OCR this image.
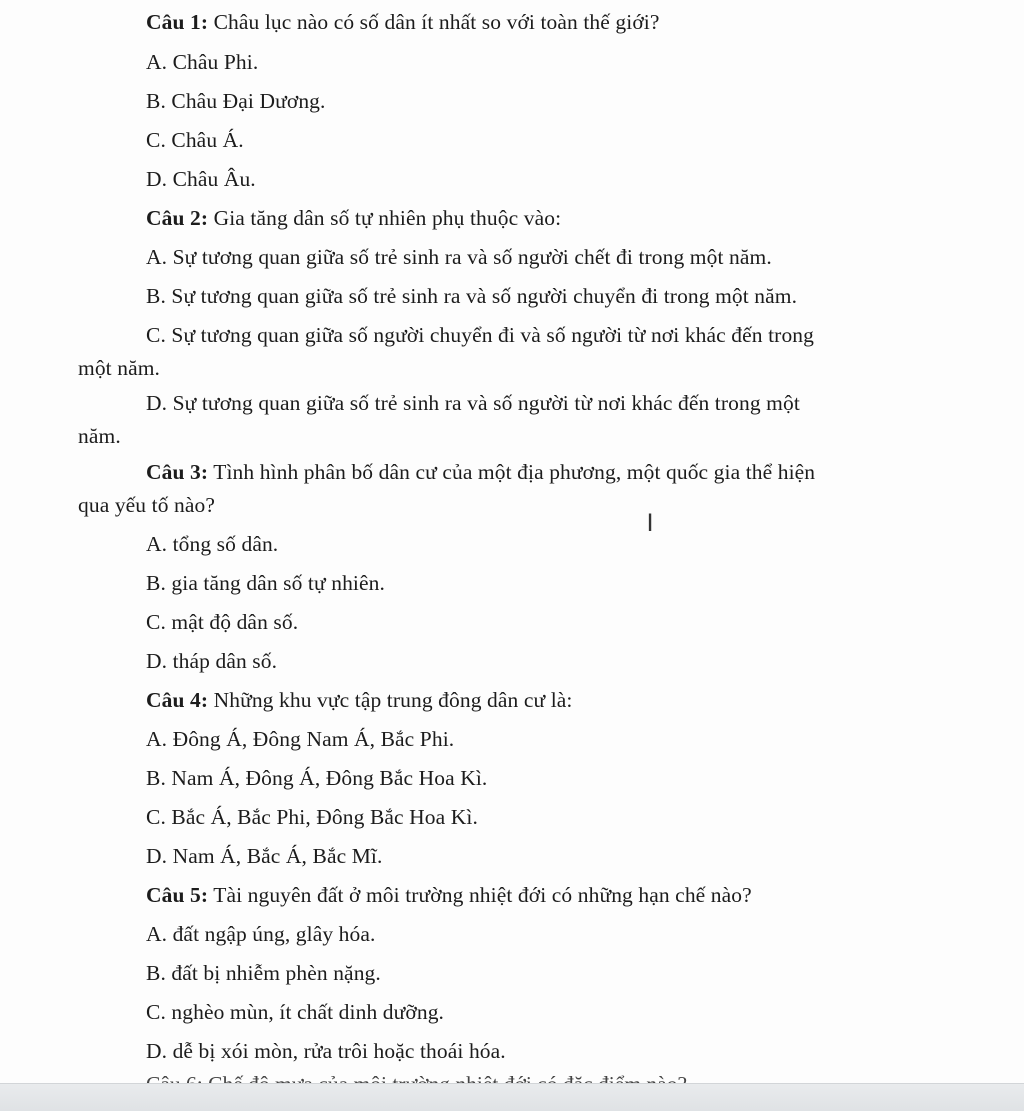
Câu 1: Châu lục nào có số dân ít nhất so với toàn thế giới?
A. Châu Phi.
B. Châu Đại Dương.
C. Châu Á.
D. Châu Âu.
Câu 2: Gia tăng dân số tự nhiên phụ thuộc vào:
A. Sự tương quan giữa số trẻ sinh ra và số người chết đi trong một năm.
B. Sự tương quan giữa số trẻ sinh ra và số người chuyển đi trong một năm.
C. Sự tương quan giữa số người chuyển đi và số người từ nơi khác đến trong
một năm.
D. Sự tương quan giữa số trẻ sinh ra và số người từ nơi khác đến trong một
năm.
Câu 3: Tình hình phân bố dân cư của một địa phương, một quốc gia thể hiện
qua yếu tố nào?
A. tổng số dân.
B. gia tăng dân số tự nhiên.
C. mật độ dân số.
D. tháp dân số.
Câu 4: Những khu vực tập trung đông dân cư là:
A. Đông Á, Đông Nam Á, Bắc Phi.
B. Nam Á, Đông Á, Đông Bắc Hoa Kì.
C. Bắc Á, Bắc Phi, Đông Bắc Hoa Kì.
D. Nam Á, Bắc Á, Bắc Mĩ.
Câu 5: Tài nguyên đất ở môi trường nhiệt đới có những hạn chế nào?
A. đất ngập úng, glây hóa.
B. đất bị nhiễm phèn nặng.
C. nghèo mùn, ít chất dinh dưỡng.
D. dễ bị xói mòn, rửa trôi hoặc thoái hóa.
I
